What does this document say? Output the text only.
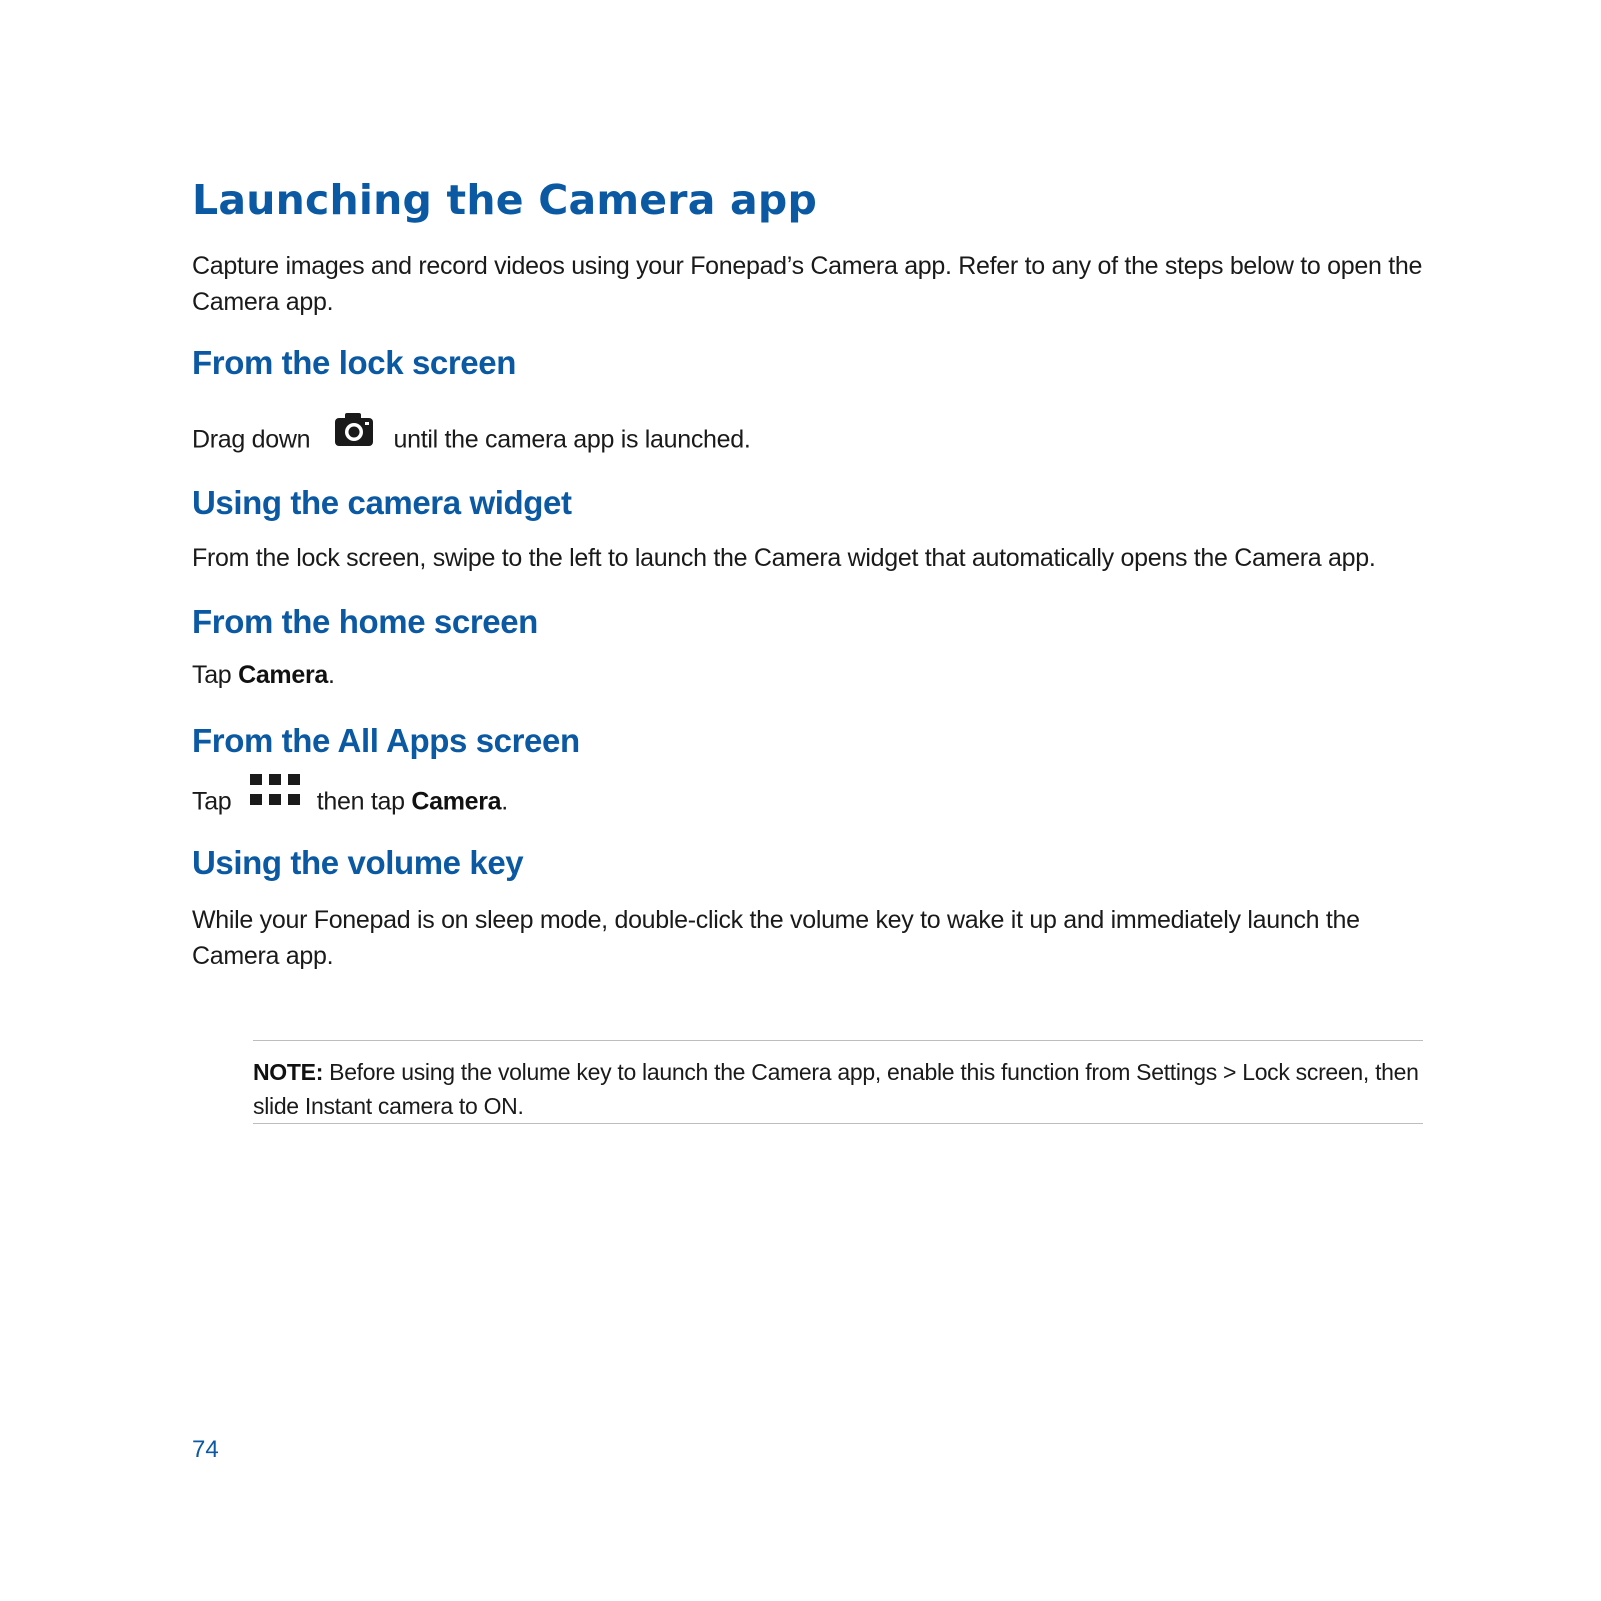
Launching the Camera app

Capture images and record videos using your Fonepad’s Camera app. Refer to any of the steps below to open the Camera app.

From the lock screen

Drag down	until the camera app is launched.

Using the camera widget

From the lock screen, swipe to the left to launch the Camera widget that automatically opens the Camera app.

From the home screen

Tap Camera.

From the All Apps screen

Tap	then tap Camera.

Using the volume key

While your Fonepad is on sleep mode, double-click the volume key to wake it up and immediately launch the Camera app.

NOTE: Before using the volume key to launch the Camera app, enable this function from Settings > Lock screen, then slide Instant camera to ON.

74
